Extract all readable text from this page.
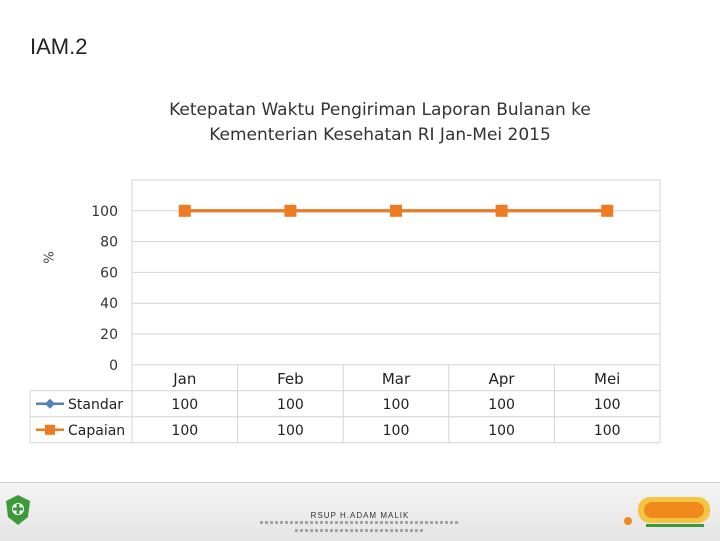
IAM.2
Ketepatan Waktu Pengiriman Laporan Bulanan ke Kementerian Kesehatan RI Jan-Mei 2015
%
100
80
60
40
20
0
Jan	Feb	Mar	Apr	Mei
Standar	100	100	100	100	100
Capaian	100	100	100	100	100
RSUP H.ADAM MALIK
